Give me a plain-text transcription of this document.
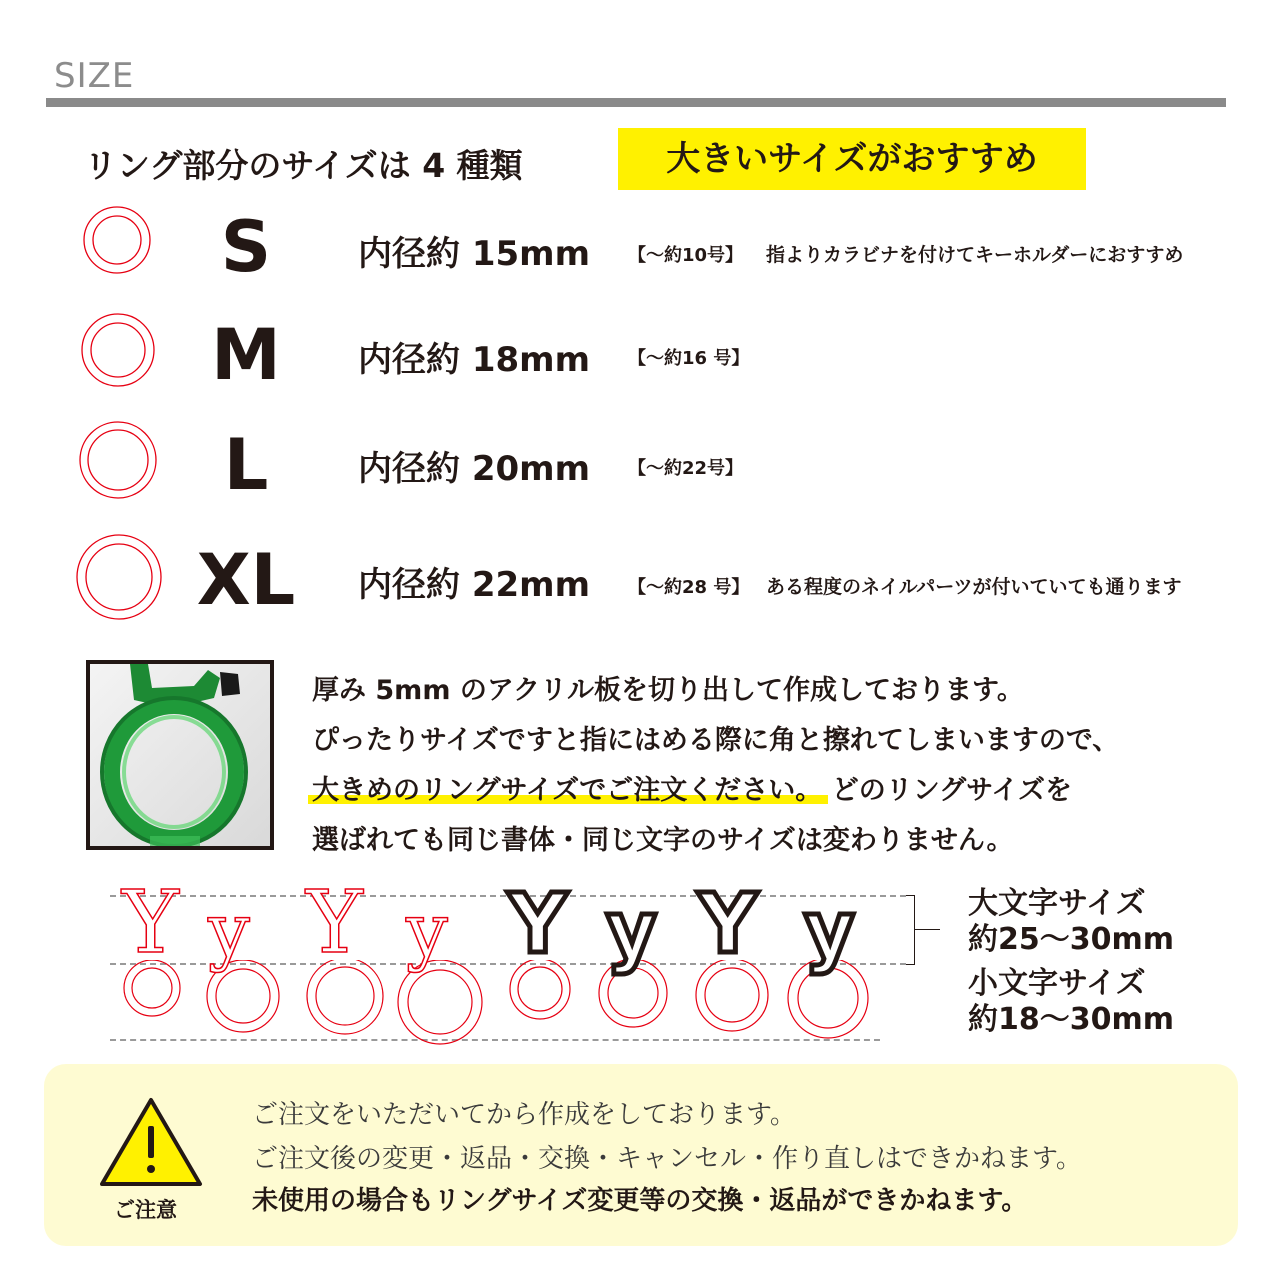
SIZE
リング部分のサイズは 4 種類	大きいサイズがおすすめ
S	内径約 15mm 【〜約10号】 指よりカラビナを付けてキーホルダーにおすすめ
M	内径約 18mm 【〜約16 号】
L	内径約 20mm 【〜約22号】
XL	内径約 22mm 【〜約28 号】 ある程度のネイルパーツが付いていても通ります
厚み 5mm のアクリル板を切り出して作成しております。
ぴったりサイズですと指にはめる際に角と擦れてしまいますので、
大きめのリングサイズでご注文ください。 どのリングサイズを
選ばれても同じ書体・同じ文字のサイズは変わりません。
Y y Y y Y y Y y	大文字サイズ
約25〜30mm
小文字サイズ
約18〜30mm
ご注意
ご注文をいただいてから作成をしております。
ご注文後の変更・返品・交換・キャンセル・作り直しはできかねます。
未使用の場合もリングサイズ変更等の交換・返品ができかねます。
